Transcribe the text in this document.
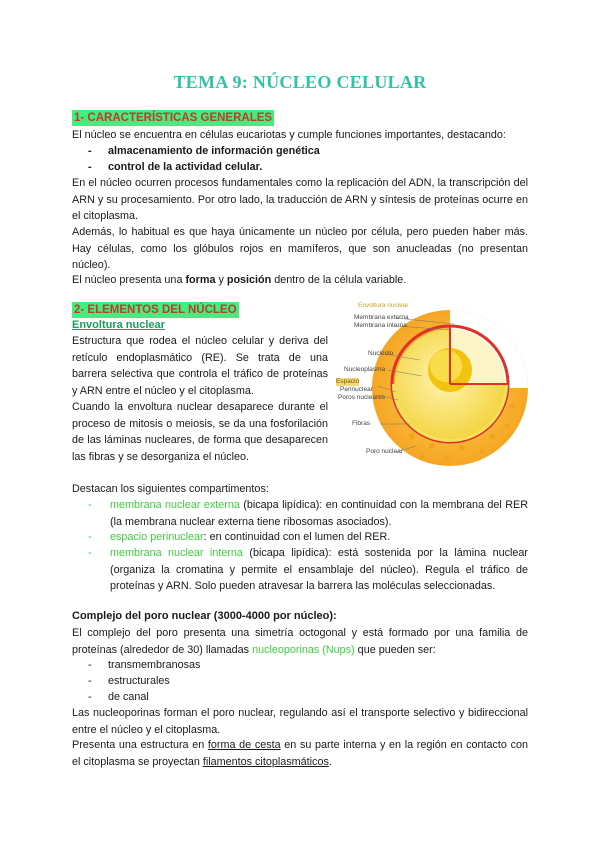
TEMA 9: NÚCLEO CELULAR
1- CARACTERÍSTICAS GENERALES

El núcleo se encuentra en células eucariotas y cumple funciones importantes, destacando:

- almacenamiento de información genética
- control de la actividad celular.

En el núcleo ocurren procesos fundamentales como la replicación del ADN, la transcripción del ARN y su procesamiento. Por otro lado, la traducción de ARN y síntesis de proteínas ocurre en el citoplasma.

Además, lo habitual es que haya únicamente un núcleo por célula, pero pueden haber más. Hay células, como los glóbulos rojos en mamíferos, que son anucleadas (no presentan núcleo).

El núcleo presenta una forma y posición dentro de la célula variable.

2- ELEMENTOS DEL NÚCLEO
Envoltura nuclear

Estructura que rodea el núcleo celular y deriva del retículo endoplasmático (RE). Se trata de una barrera selectiva que controla el tráfico de proteínas y ARN entre el núcleo y el citoplasma.

Cuando la envoltura nuclear desaparece durante el proceso de mitosis o meiosis, se da una fosforilación de las láminas nucleares, de forma que desaparecen las fibras y se desorganiza el núcleo.

Envoltura nuclear
Membrana externa
Membrana interna
Nucléolo
Nucleoplasma
Espacio
Perinuclear
Poros nucleares
Fibras
Poro nuclear

Destacan los siguientes compartimentos:

- membrana nuclear externa (bicapa lipídica): en continuidad con la membrana del RER (la membrana nuclear externa tiene ribosomas asociados).
- espacio perinuclear: en continuidad con el lumen del RER.
- membrana nuclear interna (bicapa lipídica): está sostenida por la lámina nuclear (organiza la cromatina y permite el ensamblaje del núcleo). Regula el tráfico de proteínas y ARN. Solo pueden atravesar la barrera las moléculas seleccionadas.
Complejo del poro nuclear (3000-4000 por núcleo):

El complejo del poro presenta una simetría octogonal y está formado por una familia de proteínas (alrededor de 30) llamadas nucleoporinas (Nups) que pueden ser:

- transmembranosas
- estructurales
- de canal

Las nucleoporinas forman el poro nuclear, regulando así el transporte selectivo y bidireccional entre el núcleo y el citoplasma.

Presenta una estructura en forma de cesta en su parte interna y en la región en contacto con el citoplasma se proyectan filamentos citoplasmáticos.
